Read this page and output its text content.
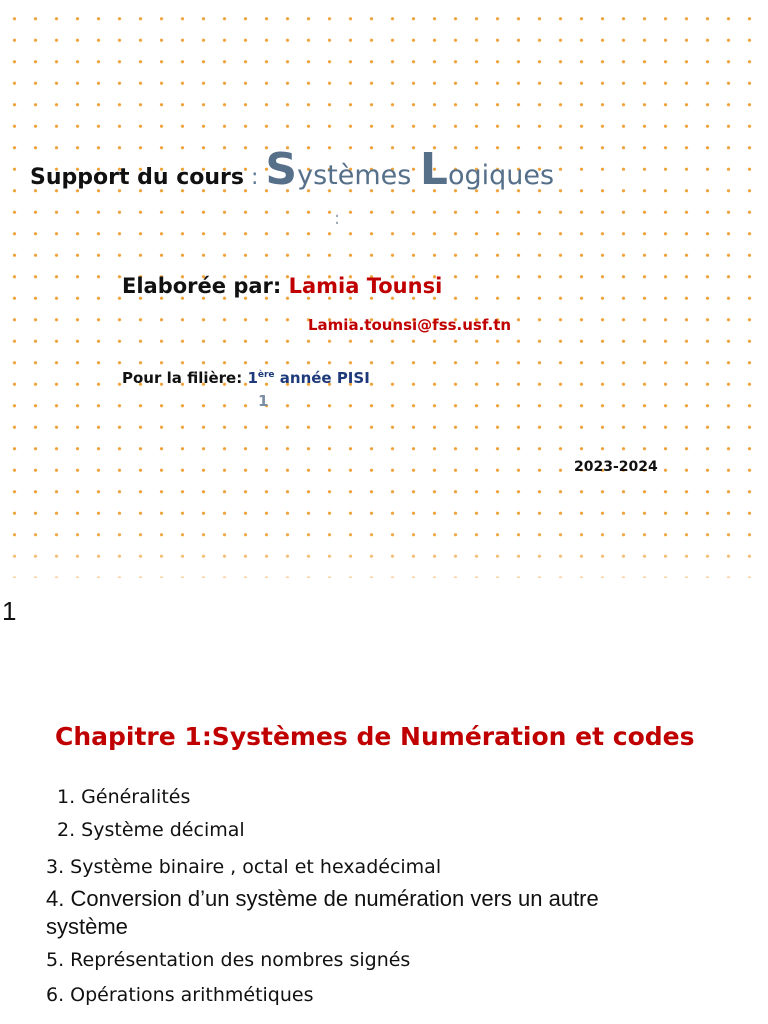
Support du cours : Systèmes Logiques
:
Elaborée par: Lamia Tounsi
Lamia.tounsi@fss.usf.tn
Pour la filière: 1ère année PISI
1
2023-2024
1
Chapitre 1:Systèmes de Numération et codes

1. Généralités

2. Système décimal

3. Système binaire , octal et hexadécimal

4. Conversion d’un système de numération vers un autre système

5. Représentation des nombres signés

6. Opérations arithmétiques
